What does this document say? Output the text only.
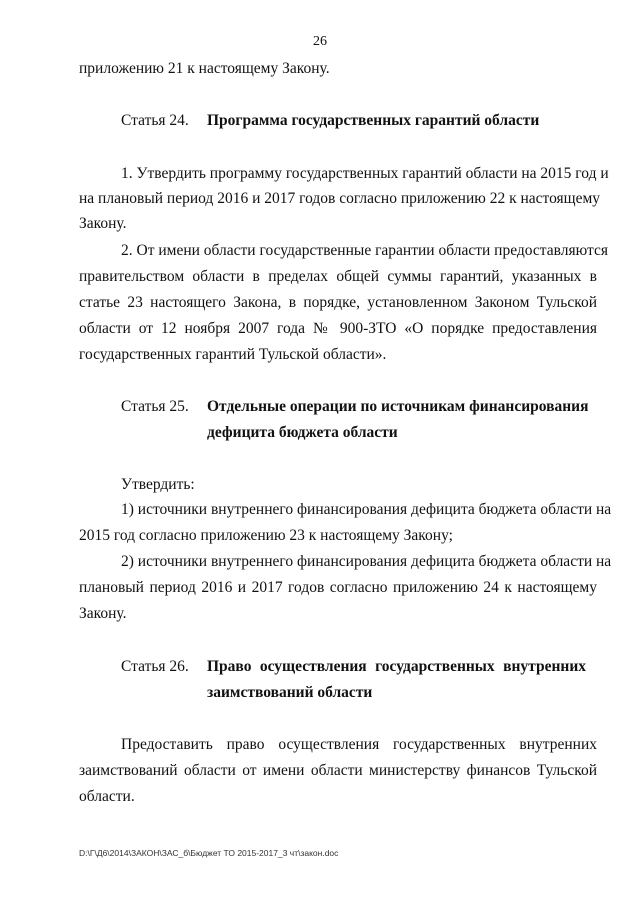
26
приложению 21 к настоящему Закону.
Статья 24. Программа государственных гарантий области
1. Утвердить программу государственных гарантий области на 2015 год и
на плановый период 2016 и 2017 годов согласно приложению 22 к настоящему
Закону.
2. От имени области государственные гарантии области предоставляются
правительством области в пределах общей суммы гарантий, указанных в
статье 23 настоящего Закона, в порядке, установленном Законом Тульской
области от 12 ноября 2007 года № 900-ЗТО «О порядке предоставления
государственных гарантий Тульской области».
Статья 25. Отдельные операции по источникам финансирования
дефицита бюджета области
Утвердить:
1) источники внутреннего финансирования дефицита бюджета области на
2015 год согласно приложению 23 к настоящему Закону;
2) источники внутреннего финансирования дефицита бюджета области на
плановый период 2016 и 2017 годов согласно приложению 24 к настоящему
Закону.
Статья 26. Право осуществления государственных внутренних
заимствований области
Предоставить право осуществления государственных внутренних
заимствований области от имени области министерству финансов Тульской
области.
D:\Г\Д6\2014\ЗАКОН\ЗАС_б\Бюджет ТО 2015-2017_3 чт\закон.doc
